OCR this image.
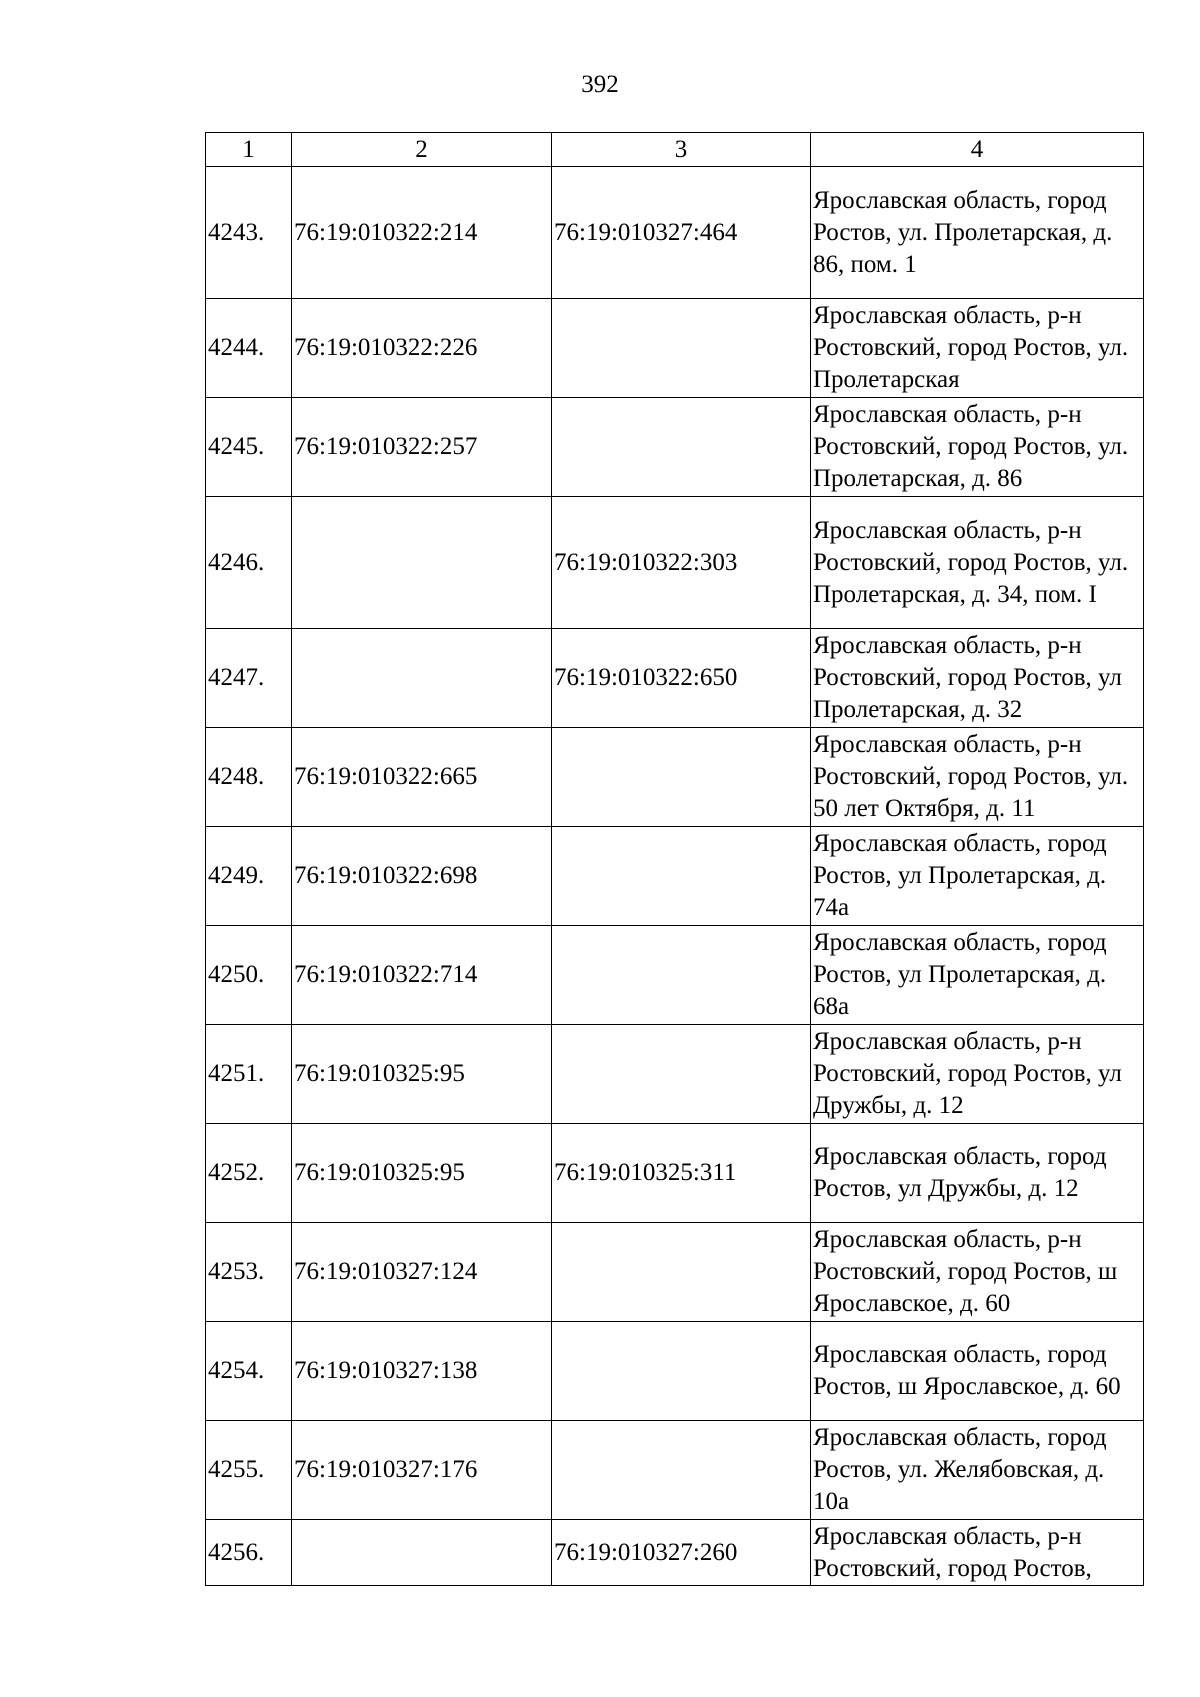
392
1	2	3	4
4243.	76:19:010322:214	76:19:010327:464	Ярославская область, город Ростов, ул. Пролетарская, д. 86, пом. 1
4244.	76:19:010322:226		Ярославская область, р-н Ростовский, город Ростов, ул. Пролетарская
4245.	76:19:010322:257		Ярославская область, р-н Ростовский, город Ростов, ул. Пролетарская, д. 86
4246.		76:19:010322:303	Ярославская область, р-н Ростовский, город Ростов, ул. Пролетарская, д. 34, пом. I
4247.		76:19:010322:650	Ярославская область, р-н Ростовский, город Ростов, ул Пролетарская, д. 32
4248.	76:19:010322:665		Ярославская область, р-н Ростовский, город Ростов, ул. 50 лет Октября, д. 11
4249.	76:19:010322:698		Ярославская область, город Ростов, ул Пролетарская, д. 74а
4250.	76:19:010322:714		Ярославская область, город Ростов, ул Пролетарская, д. 68а
4251.	76:19:010325:95		Ярославская область, р-н Ростовский, город Ростов, ул Дружбы, д. 12
4252.	76:19:010325:95	76:19:010325:311	Ярославская область, город Ростов, ул Дружбы, д. 12
4253.	76:19:010327:124		Ярославская область, р-н Ростовский, город Ростов, ш Ярославское, д. 60
4254.	76:19:010327:138		Ярославская область, город Ростов, ш Ярославское, д. 60
4255.	76:19:010327:176		Ярославская область, город Ростов, ул. Желябовская, д. 10а
4256.		76:19:010327:260	Ярославская область, р-н Ростовский, город Ростов,
